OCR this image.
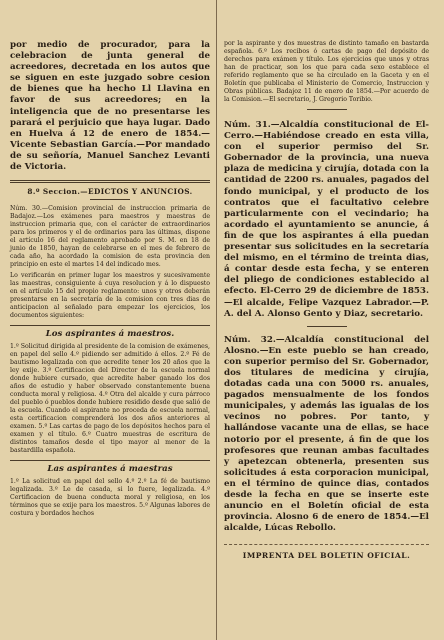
por medio de procurador, para la celebracion de junta general de acreedores, decretada en los autos que se siguen en este juzgado sobre cesion de bienes que ha hecho Ll Llavina en favor de sus acreedores; en la inteligencia que de no presentarse les parará el perjuicio que haya lugar. Dado en Huelva á 12 de enero de 1854.—Vicente Sebastian García.—Por mandado de su señoría, Manuel Sanchez Levanti de Victoria.

8.º Seccion.—EDICTOS Y ANUNCIOS.

Núm. 30.—Comision provincial de instruccion primaria de Badajoz.—Los exámenes para maestros y maestras de instruccion primaria que, con el carácter de extraordinarios para los primeros y el de ordinarios para las últimas, dispone el artículo 16 del reglamento aprobado por S. M. en 18 de junio de 1850, hayan de celebrarse en el mes de febrero de cada año, ha acordado la comision de esta provincia den principio en este el martes 14 del indicado mes.

Lo verificarán en primer lugar los maestros y sucesivamente las maestras, consiguiente á cuya resolucion y á lo dispuesto en el artículo 15 del propio reglamento: unos y otros deberán presentarse en la secretaría de la comision con tres dias de anticipacion al señalado para empezar los ejercicios, los documentos siguientes:

Los aspirantes á maestros.

1.º Solicitud dirigida al presidente de la comision de exámenes, en papel del sello 4.º pidiendo ser admitido á ellos. 2.º Fé de bautismo legalizada con que acredite tener los 20 años que la ley exije. 3.º Certificacion del Director de la escuela normal donde hubiere cursado, que acredite haber ganado los dos años de estudio y haber observado constantemente buena conducta moral y religiosa. 4.º Otra del alcalde y cura párroco del pueblo ó pueblos donde hubiere residido desde que salió de la escuela. Cuando el aspirante no proceda de escuela normal, esta certificacion comprenderá los dos años anteriores al examen. 5.º Las cartas de pago de los depósitos hechos para el examen y el título. 6.º Cuatro muestras de escritura de distintos tamaños desde el tipo mayor al menor de la bastardilla española.

Las aspirantes á maestras

1.º La solicitud en papel del sello 4.º 2.º La fé de bautismo legalizada. 3.º Le de casada, si lo fuere, legalizada. 4.º Certificacion de buena conducta moral y religiosa, en los términos que se exije para los maestros. 5.º Algunas labores de costura y bordados hechos

por la aspirante y dos muestras de distinto tamaño en bastarda española. 6.º Los recibos ó cartas de pago del depósito de derechos para exámen y título. Los ejercicios que unos y otras han de practicar, son los que para cada sexo establece el referido reglamento que se ha circulado en la Gaceta y en el Boletín que publicaba el Ministerio de Comercio, Instruccion y Obras públicas. Badajoz 11 de enero de 1854.—Por acuerdo de la Comision.—El secretario, J. Gregorio Toribio.

Núm. 31.—Alcaldía constitucional de El-Cerro.—Habiéndose creado en esta villa, con el superior permiso del Sr. Gobernador de la provincia, una nueva plaza de medicina y cirujía, dotada con la cantidad de 2200 rs. anuales, pagados del fondo municipal, y el producto de los contratos que el facultativo celebre particularmente con el vecindario; ha acordado el ayuntamiento se anuncie, á fin de que los aspirantes á ella puedan presentar sus solicitudes en la secretaría del mismo, en el término de treinta dias, á contar desde esta fecha, y se enteren del pliego de condiciones establecido al efecto. El-Cerro 29 de diciembre de 1853.—El alcalde, Felipe Vazquez Labrador.—P. A. del A. Alonso Gento y Diaz, secretario.

Núm. 32.—Alcaldía constitucional del Alosno.—En este pueblo se han creado, con superior permiso del Sr. Gobernador, dos titulares de medicina y cirujía, dotadas cada una con 5000 rs. anuales, pagados mensualmente de los fondos municipales, y además las igualas de los vecinos no pobres. Por tanto, y hallándose vacante una de ellas, se hace notorio por el presente, á fin de que los profesores que reunan ambas facultades y apetezcan obtenerla, presenten sus solicitudes á esta corporacion municipal, en el término de quince dias, contados desde la fecha en que se inserte este anuncio en el Boletín oficial de esta provincia. Alosno 6 de enero de 1854.—El alcalde, Lúcas Rebollo.

IMPRENTA DEL BOLETIN OFICIAL.
